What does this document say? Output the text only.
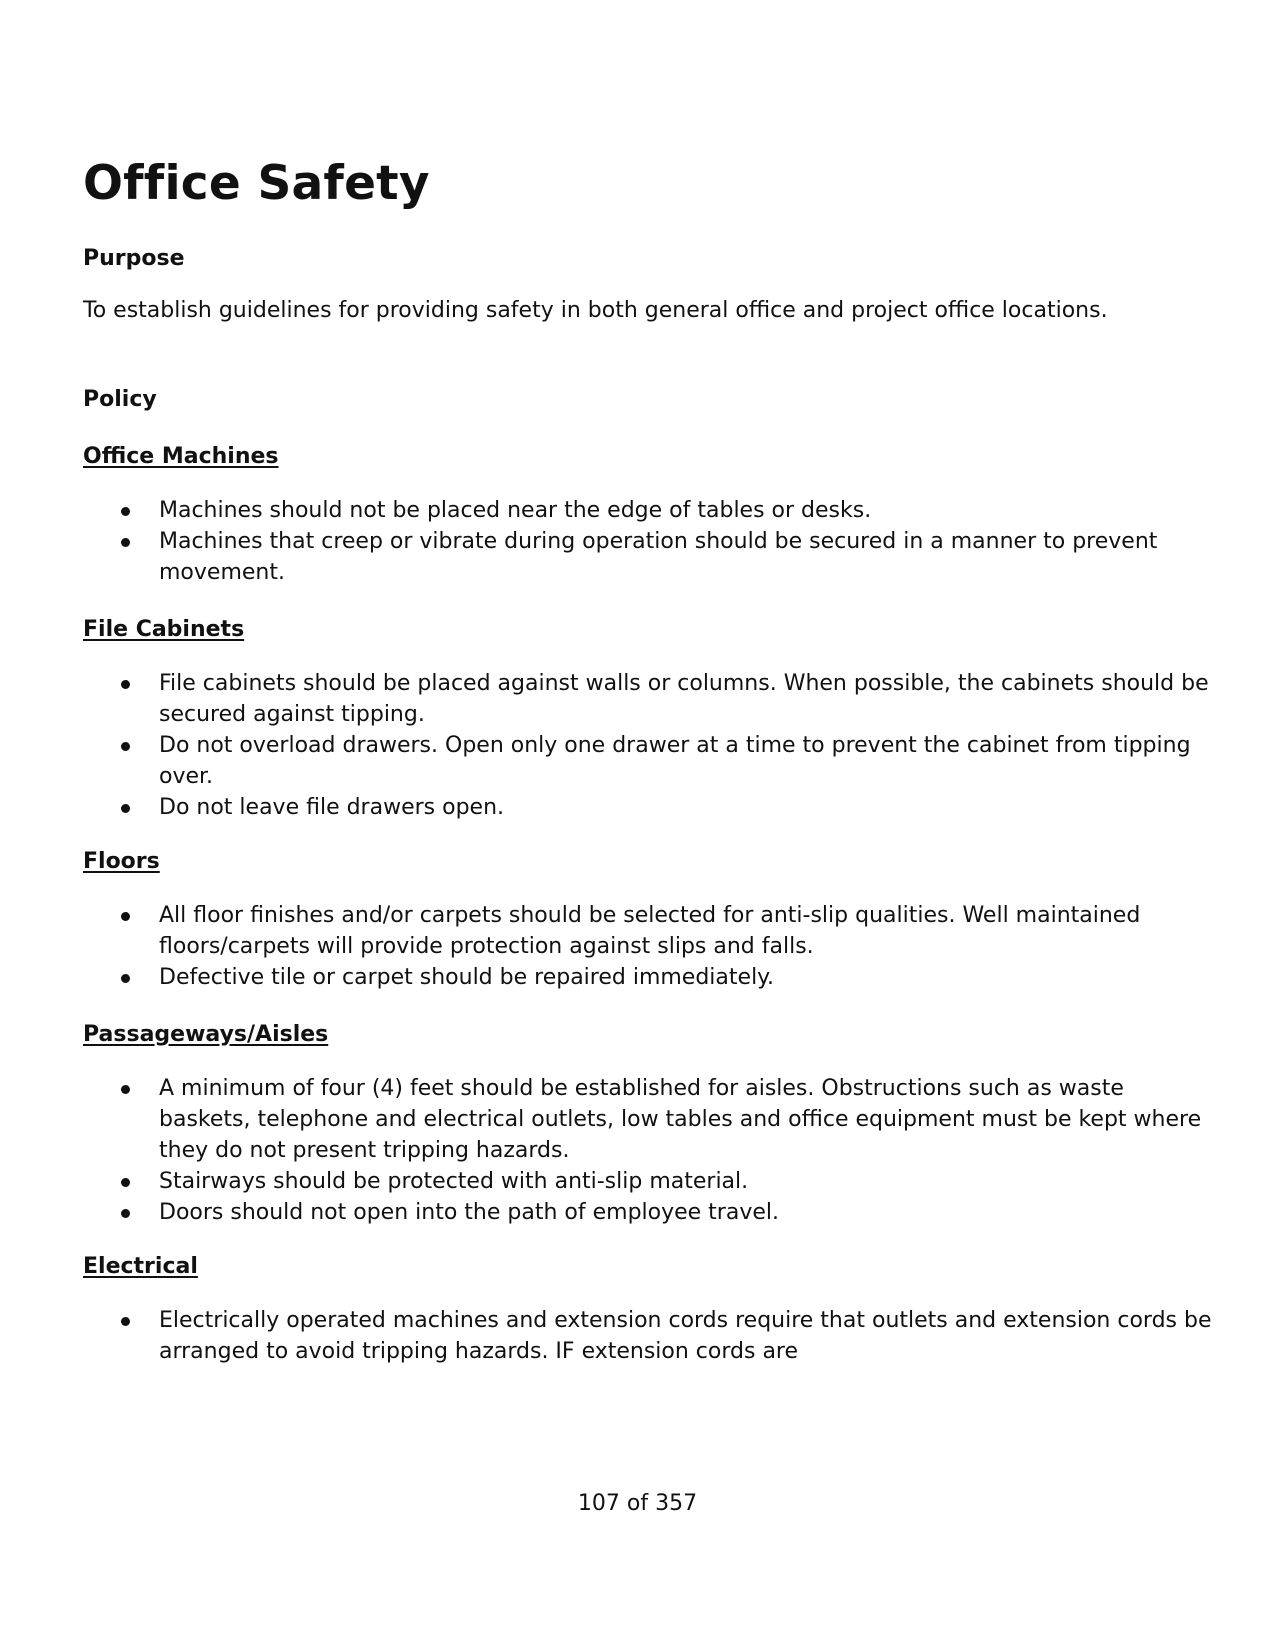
Office Safety
Purpose

To establish guidelines for providing safety in both general office and project office locations.

Policy
Office Machines
Machines should not be placed near the edge of tables or desks.
Machines that creep or vibrate during operation should be secured in a manner to prevent movement.
File Cabinets
File cabinets should be placed against walls or columns. When possible, the cabinets should be secured against tipping.
Do not overload drawers. Open only one drawer at a time to prevent the cabinet from tipping over.
Do not leave file drawers open.
Floors
All floor finishes and/or carpets should be selected for anti-slip qualities. Well maintained floors/carpets will provide protection against slips and falls.
Defective tile or carpet should be repaired immediately.
Passageways/Aisles
A minimum of four (4) feet should be established for aisles. Obstructions such as waste baskets, telephone and electrical outlets, low tables and office equipment must be kept where they do not present tripping hazards.
Stairways should be protected with anti-slip material.
Doors should not open into the path of employee travel.
Electrical
Electrically operated machines and extension cords require that outlets and extension cords be arranged to avoid tripping hazards. IF extension cords are
107 of 357
